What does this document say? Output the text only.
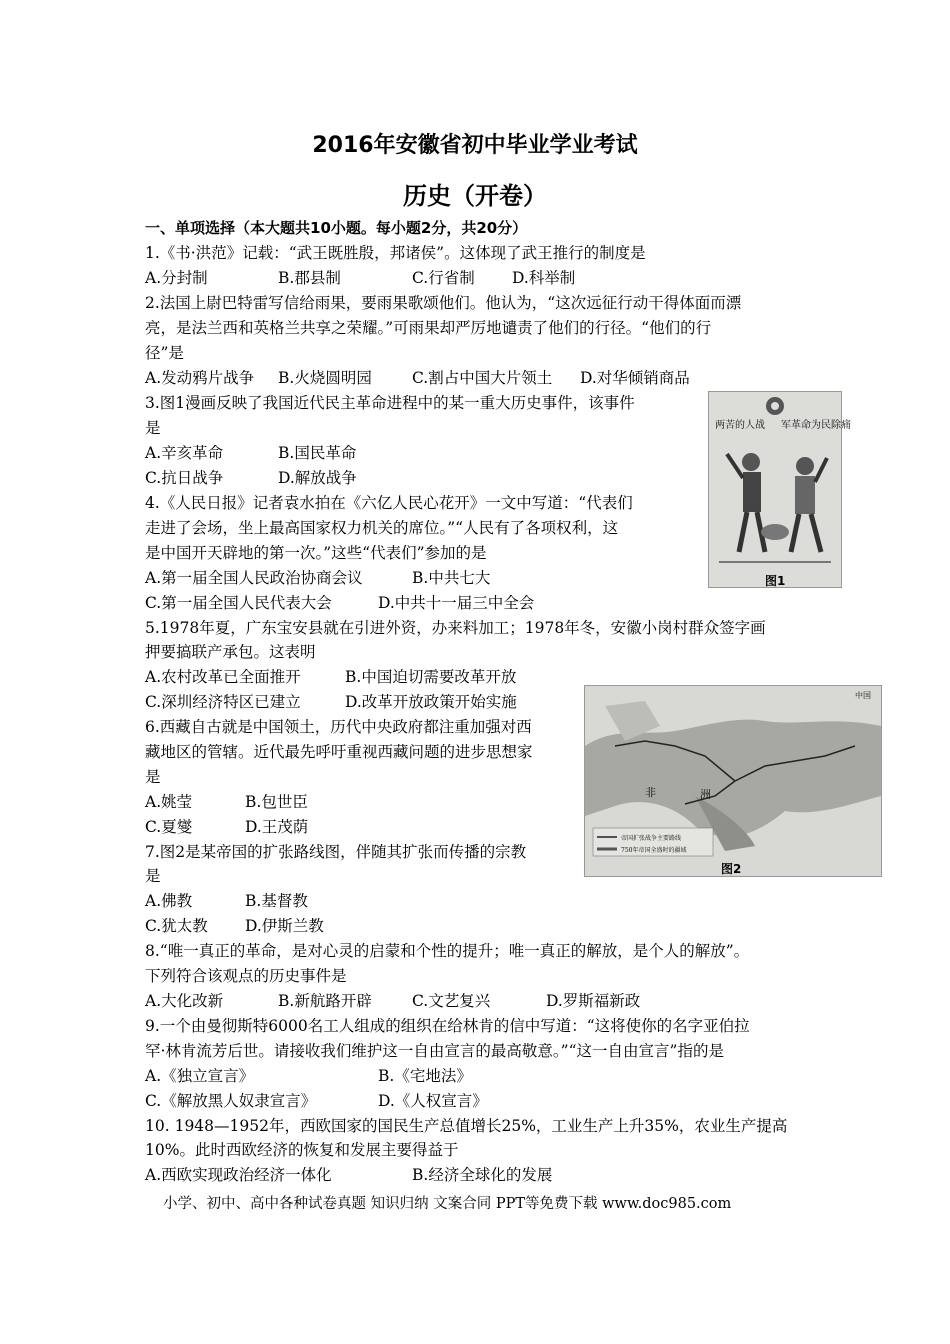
2016年安徽省初中毕业学业考试
历史（开卷）
一、单项选择（本大题共10小题。每小题2分，共20分）
1.《书·洪范》记载：“武王既胜殷，邦诸侯”。这体现了武王推行的制度是
A.分封制	B.郡县制	C.行省制 D.科举制
2.法国上尉巴特雷写信给雨果，要雨果歌颂他们。他认为，“这次远征行动干得体面而漂
亮，是法兰西和英格兰共享之荣耀。”可雨果却严厉地谴责了他们的行径。“他们的行
径”是
A.发动鸦片战争 B.火烧圆明园	C.割占中国大片领土 D.对华倾销商品
3.图1漫画反映了我国近代民主革命进程中的某一重大历史事件，该事件
是
A.辛亥革命	B.国民革命
C.抗日战争	D.解放战争
4.《人民日报》记者袁水拍在《六亿人民心花开》一文中写道：“代表们
走进了会场，坐上最高国家权力机关的席位。”“人民有了各项权利，这
是中国开天辟地的第一次。”这些“代表们”参加的是
A.第一届全国人民政治协商会议	B.中共七大
C.第一届全国人民代表大会	D.中共十一届三中全会
5.1978年夏，广东宝安县就在引进外资，办来料加工；1978年冬，安徽小岗村群众签字画
押要搞联产承包。这表明
A.农村改革已全面推开	B.中国迫切需要改革开放
C.深圳经济特区已建立	D.改革开放政策开始实施
6.西藏自古就是中国领土，历代中央政府都注重加强对西
藏地区的管辖。近代最先呼吁重视西藏问题的进步思想家
是
A.姚莹	B.包世臣
C.夏燮	D.王茂荫
7.图2是某帝国的扩张路线图，伴随其扩张而传播的宗教
是
A.佛教	B.基督教
C.犹太教 D.伊斯兰教
8.“唯一真正的革命，是对心灵的启蒙和个性的提升；唯一真正的解放，是个人的解放”。
下列符合该观点的历史事件是
A.大化改新	B.新航路开辟	C.文艺复兴	D.罗斯福新政
9.一个由曼彻斯特6000名工人组成的组织在给林肯的信中写道：“这将使你的名字亚伯拉
罕·林肯流芳后世。请接收我们维护这一自由宣言的最高敬意。”“这一自由宣言”指的是
A.《独立宣言》	B.《宅地法》
C.《解放黑人奴隶宣言》	D.《人权宣言》
10. 1948—1952年，西欧国家的国民生产总值增长25%，工业生产上升35%，农业生产提高
10%。此时西欧经济的恢复和发展主要得益于
A.西欧实现政治经济一体化	B.经济全球化的发展
军革命为民除痛
两苦的人战
图1
中国
非	洲
帝国扩张战争主要路线
750年帝国全盛时的疆域
图2
小学、初中、高中各种试卷真题 知识归纳 文案合同 PPT等免费下载 www.doc985.com
